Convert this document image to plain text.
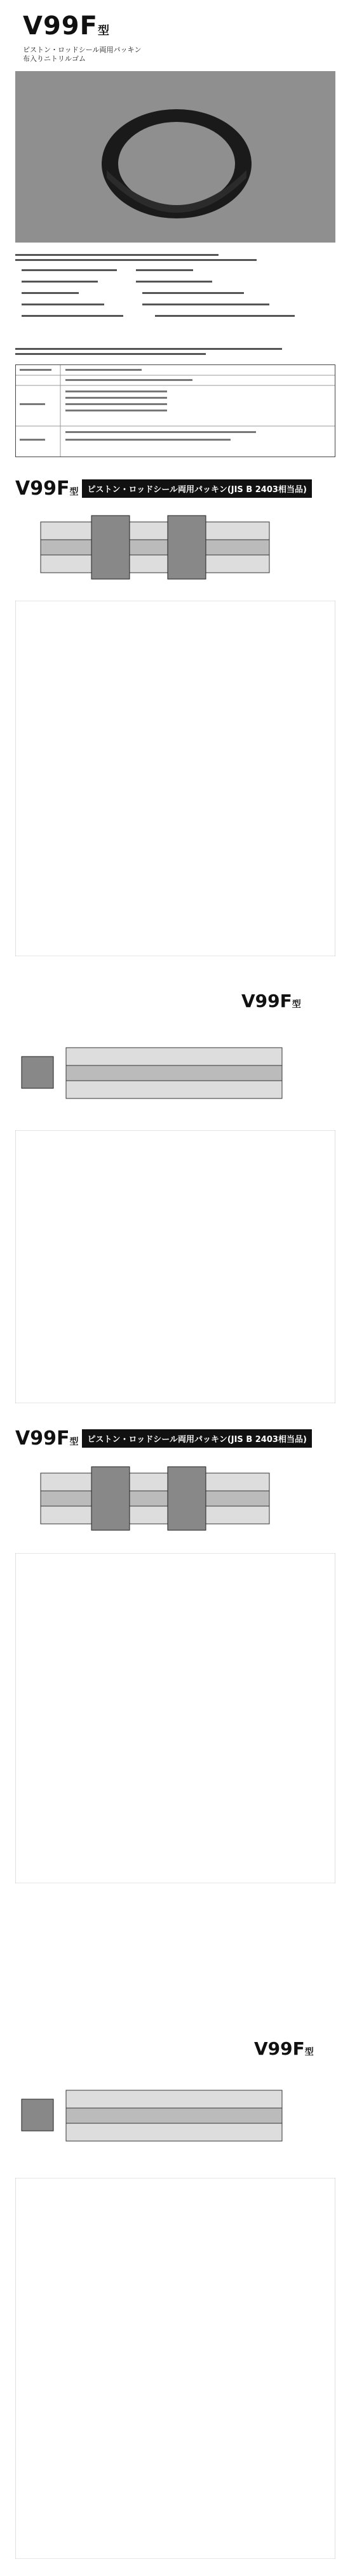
V99F型
ピストン・ロッドシール両用パッキン
布入りニトリルゴム
V99F型	ピストン・ロッドシール両用パッキン(JIS B 2403相当品)
V99F型
V99F型	ピストン・ロッドシール両用パッキン(JIS B 2403相当品)
V99F型
